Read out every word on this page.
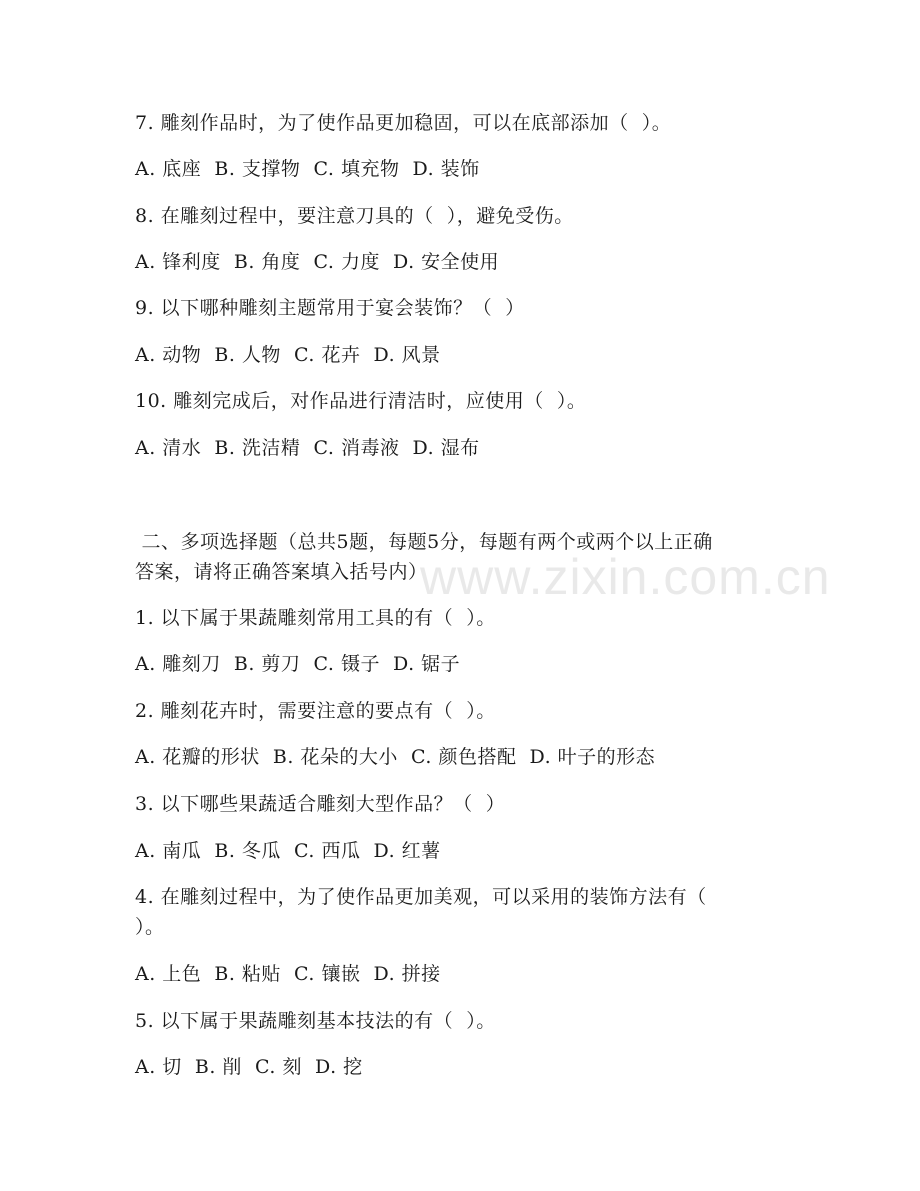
www.zixin.com.cn
7. 雕刻作品时，为了使作品更加稳固，可以在底部添加（  ）。
A. 底座  B. 支撑物  C. 填充物  D. 装饰
8. 在雕刻过程中，要注意刀具的（  ），避免受伤。
A. 锋利度  B. 角度  C. 力度  D. 安全使用
9. 以下哪种雕刻主题常用于宴会装饰？（  ）
A. 动物  B. 人物  C. 花卉  D. 风景
10. 雕刻完成后，对作品进行清洁时，应使用（  ）。
A. 清水  B. 洗洁精  C. 消毒液  D. 湿布
二、多项选择题（总共5题，每题5分，每题有两个或两个以上正确
答案，请将正确答案填入括号内）
1. 以下属于果蔬雕刻常用工具的有（  ）。
A. 雕刻刀  B. 剪刀  C. 镊子  D. 锯子
2. 雕刻花卉时，需要注意的要点有（  ）。
A. 花瓣的形状  B. 花朵的大小  C. 颜色搭配  D. 叶子的形态
3. 以下哪些果蔬适合雕刻大型作品？（  ）
A. 南瓜  B. 冬瓜  C. 西瓜  D. 红薯
4. 在雕刻过程中，为了使作品更加美观，可以采用的装饰方法有（
）。
A. 上色  B. 粘贴  C. 镶嵌  D. 拼接
5. 以下属于果蔬雕刻基本技法的有（  ）。
A. 切  B. 削  C. 刻  D. 挖
